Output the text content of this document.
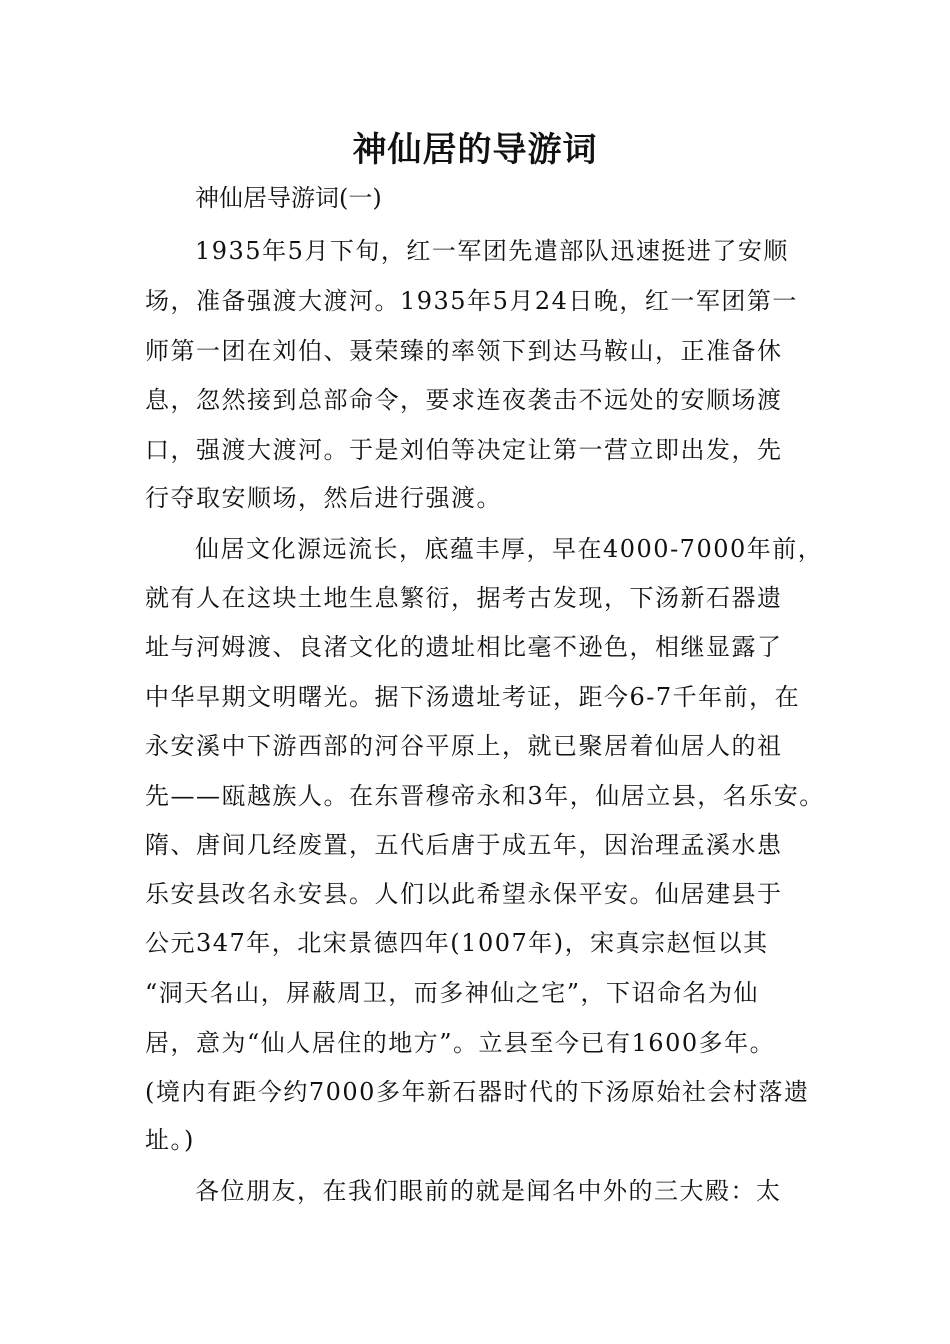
神仙居的导游词
神仙居导游词(一)
1935年5月下旬，红一军团先遣部队迅速挺进了安顺
场，准备强渡大渡河。1935年5月24日晚，红一军团第一
师第一团在刘伯、聂荣臻的率领下到达马鞍山，正准备休
息，忽然接到总部命令，要求连夜袭击不远处的安顺场渡
口，强渡大渡河。于是刘伯等决定让第一营立即出发，先
行夺取安顺场，然后进行强渡。
仙居文化源远流长，底蕴丰厚，早在4000-7000年前，
就有人在这块土地生息繁衍，据考古发现，下汤新石器遗
址与河姆渡、良渚文化的遗址相比毫不逊色，相继显露了
中华早期文明曙光。据下汤遗址考证，距今6-7千年前，在
永安溪中下游西部的河谷平原上，就已聚居着仙居人的祖
先——瓯越族人。在东晋穆帝永和3年，仙居立县，名乐安。
隋、唐间几经废置，五代后唐于成五年，因治理孟溪水患
乐安县改名永安县。人们以此希望永保平安。仙居建县于
公元347年，北宋景德四年(1007年)，宋真宗赵恒以其
“洞天名山，屏蔽周卫，而多神仙之宅”，下诏命名为仙
居，意为“仙人居住的地方”。立县至今已有1600多年。
(境内有距今约7000多年新石器时代的下汤原始社会村落遗
址。)
各位朋友，在我们眼前的就是闻名中外的三大殿：太
